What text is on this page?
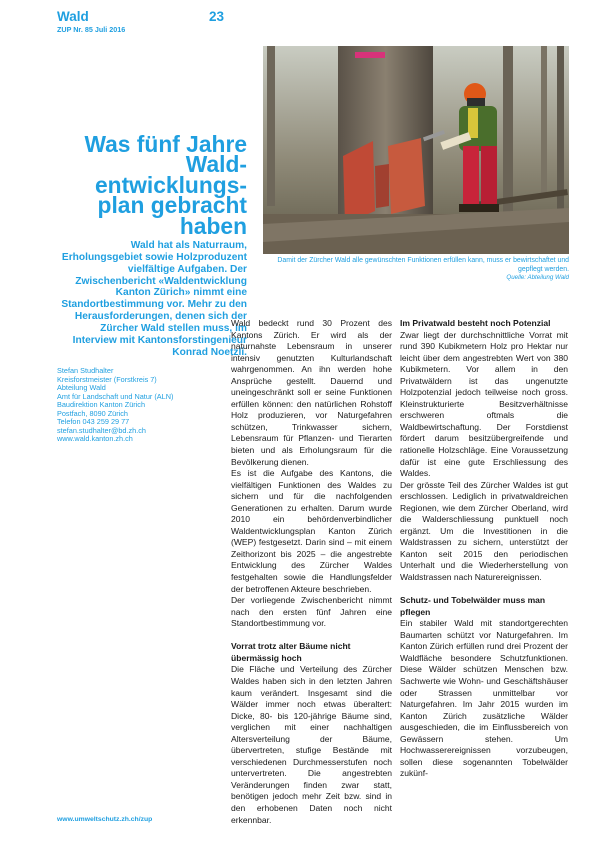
Wald	23
ZUP Nr. 85 Juli 2016
Damit der Zürcher Wald alle gewünschten Funktionen erfüllen kann, muss er bewirtschaftet und gepflegt werden.
Quelle: Abteilung Wald
Was fünf Jahre Waldentwicklungsplan gebracht haben
Wald hat als Naturraum, Erholungsgebiet sowie Holzproduzent vielfältige Aufgaben. Der Zwischenbericht «Waldentwicklung Kanton Zürich» nimmt eine Standortbestimmung vor. Mehr zu den Herausforderungen, denen sich der Zürcher Wald stellen muss, im Interview mit Kantonsforstingenieur Konrad Noetzli.
Stefan Studhalter
Kreisforstmeister (Forstkreis 7)
Abteilung Wald
Amt für Landschaft und Natur (ALN)
Baudirektion Kanton Zürich
Postfach, 8090 Zürich
Telefon 043 259 29 77
stefan.studhalter@bd.zh.ch
www.wald.kanton.zh.ch

Wald bedeckt rund 30 Prozent des Kantons Zürich. Er wird als der naturnahste Lebensraum in unserer intensiv genutzten Kulturlandschaft wahrgenommen. An ihn werden hohe Ansprüche gestellt. Dauernd und uneingeschränkt soll er seine Funktionen erfüllen können: den natürlichen Rohstoff Holz produzieren, vor Naturgefahren schützen, Trinkwasser sichern, Lebensraum für Pflanzen- und Tierarten bieten und als Erholungsraum für die Bevölkerung dienen.

Es ist die Aufgabe des Kantons, die vielfältigen Funktionen des Waldes zu sichern und für die nachfolgenden Generationen zu erhalten. Darum wurde 2010 ein behördenverbindlicher Waldentwicklungsplan Kanton Zürich (WEP) festgesetzt. Darin sind – mit einem Zeithorizont bis 2025 – die angestrebte Entwicklung des Zürcher Waldes festgehalten sowie die Handlungsfelder der betroffenen Akteure beschrieben.

Der vorliegende Zwischenbericht nimmt nach den ersten fünf Jahren eine Standortbestimmung vor.

Vorrat trotz alter Bäume nicht übermässig hoch

Die Fläche und Verteilung des Zürcher Waldes haben sich in den letzten Jahren kaum verändert. Insgesamt sind die Wälder immer noch etwas überaltert: Dicke, 80- bis 120-jährige Bäume sind, verglichen mit einer nachhaltigen Altersverteilung der Bäume, übervertreten, stufige Bestände mit verschiedenen Durchmesserstufen noch untervertreten. Die angestrebten Veränderungen finden zwar statt, benötigen jedoch mehr Zeit bzw. sind in den erhobenen Daten noch nicht erkennbar.

Im Privatwald besteht noch Potenzial

Zwar liegt der durchschnittliche Vorrat mit rund 390 Kubikmetern Holz pro Hektar nur leicht über dem angestrebten Wert von 380 Kubikmetern. Vor allem in den Privatwäldern ist das ungenutzte Holzpotenzial jedoch teilweise noch gross. Kleinstrukturierte Besitzverhältnisse erschweren oftmals die Waldbewirtschaftung. Der Forstdienst fördert darum besitzübergreifende und rationelle Holzschläge. Eine Voraussetzung dafür ist eine gute Erschliessung des Waldes.

Der grösste Teil des Zürcher Waldes ist gut erschlossen. Lediglich in privatwaldreichen Regionen, wie dem Zürcher Oberland, wird die Walderschliessung punktuell noch ergänzt. Um die Investitionen in die Waldstrassen zu sichern, unterstützt der Kanton seit 2015 den periodischen Unterhalt und die Wiederherstellung von Waldstrassen nach Naturereignissen.

Schutz- und Tobelwälder muss man pflegen

Ein stabiler Wald mit standortgerechten Baumarten schützt vor Naturgefahren. Im Kanton Zürich erfüllen rund drei Prozent der Waldfläche besondere Schutzfunktionen. Diese Wälder schützen Menschen bzw. Sachwerte wie Wohn- und Geschäftshäuser oder Strassen unmittelbar vor Naturgefahren. Im Jahr 2015 wurden im Kanton Zürich zusätzliche Wälder ausgeschieden, die im Einflussbereich von Gewässern stehen. Um Hochwasserereignissen vorzubeugen, sollen diese sogenannten Tobelwälder zukünf-

www.umweltschutz.zh.ch/zup
